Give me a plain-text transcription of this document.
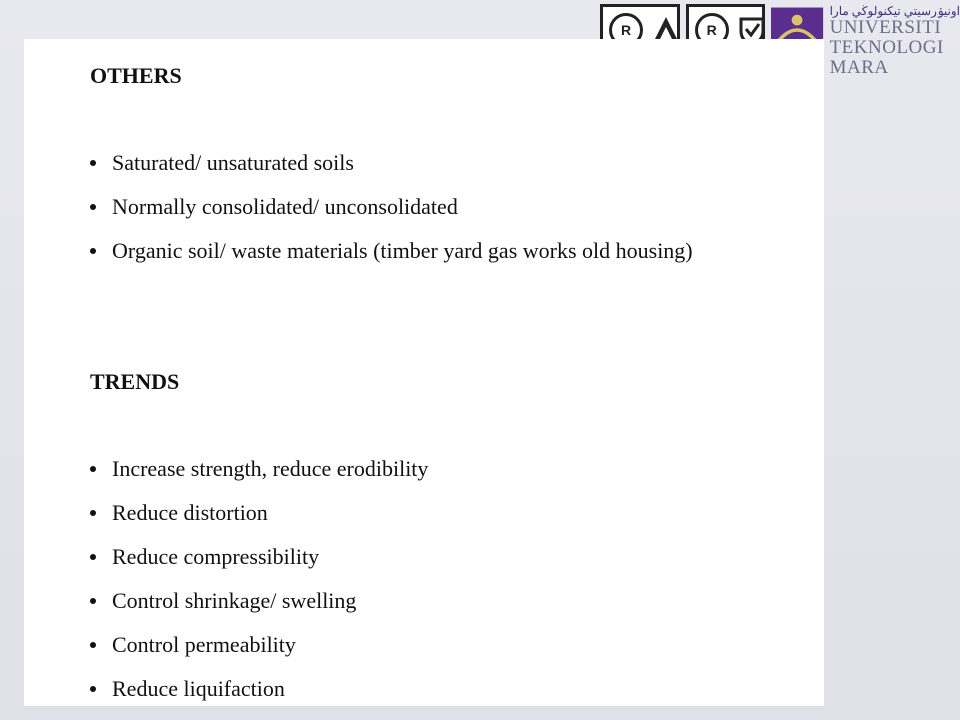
R	R
اونيۏرسيتي تيكنولوڬي مارا
UNIVERSITI
TEKNOLOGI
MARA
OTHERS
Saturated/ unsaturated soils
Normally consolidated/ unconsolidated
Organic soil/ waste materials (timber yard gas works old housing)
TRENDS
Increase strength, reduce erodibility
Reduce distortion
Reduce compressibility
Control shrinkage/ swelling
Control permeability
Reduce liquifaction
